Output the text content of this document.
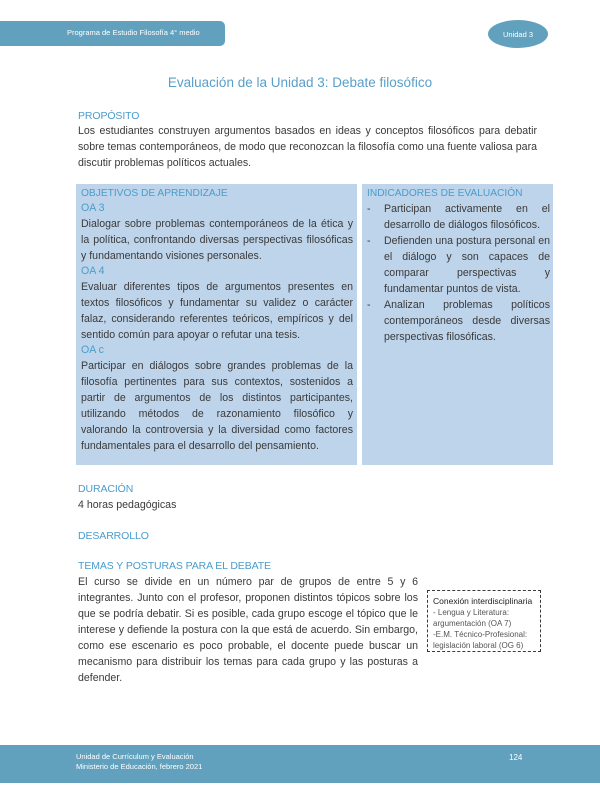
Programa de Estudio Filosofía 4° medio	Unidad 3
Evaluación de la Unidad 3: Debate filosófico
PROPÓSITO
Los estudiantes construyen argumentos basados en ideas y conceptos filosóficos para debatir sobre temas contemporáneos, de modo que reconozcan la filosofía como una fuente valiosa para discutir problemas políticos actuales.
OBJETIVOS DE APRENDIZAJE
OA 3
Dialogar sobre problemas contemporáneos de la ética y la política, confrontando diversas perspectivas filosóficas y fundamentando visiones personales.
OA 4
Evaluar diferentes tipos de argumentos presentes en textos filosóficos y fundamentar su validez o carácter falaz, considerando referentes teóricos, empíricos y del sentido común para apoyar o refutar una tesis.
OA c
Participar en diálogos sobre grandes problemas de la filosofía pertinentes para sus contextos, sostenidos a partir de argumentos de los distintos participantes, utilizando métodos de razonamiento filosófico y valorando la controversia y la diversidad como factores fundamentales para el desarrollo del pensamiento.
INDICADORES DE EVALUACIÓN
- Participan activamente en el desarrollo de diálogos filosóficos.
- Defienden una postura personal en el diálogo y son capaces de comparar perspectivas y fundamentar puntos de vista.
- Analizan problemas políticos contemporáneos desde diversas perspectivas filosóficas.
DURACIÓN
4 horas pedagógicas
DESARROLLO
TEMAS Y POSTURAS PARA EL DEBATE
El curso se divide en un número par de grupos de entre 5 y 6 integrantes. Junto con el profesor, proponen distintos tópicos sobre los que se podría debatir. Si es posible, cada grupo escoge el tópico que le interese y defiende la postura con la que está de acuerdo. Sin embargo, como ese escenario es poco probable, el docente puede buscar un mecanismo para distribuir los temas para cada grupo y las posturas a defender.
Conexión interdisciplinaria
- Lengua y Literatura:
argumentación (OA 7)
-E.M. Técnico-Profesional:
legislación laboral (OG 6)
Unidad de Currículum y Evaluación
Ministerio de Educación, febrero 2021
124
